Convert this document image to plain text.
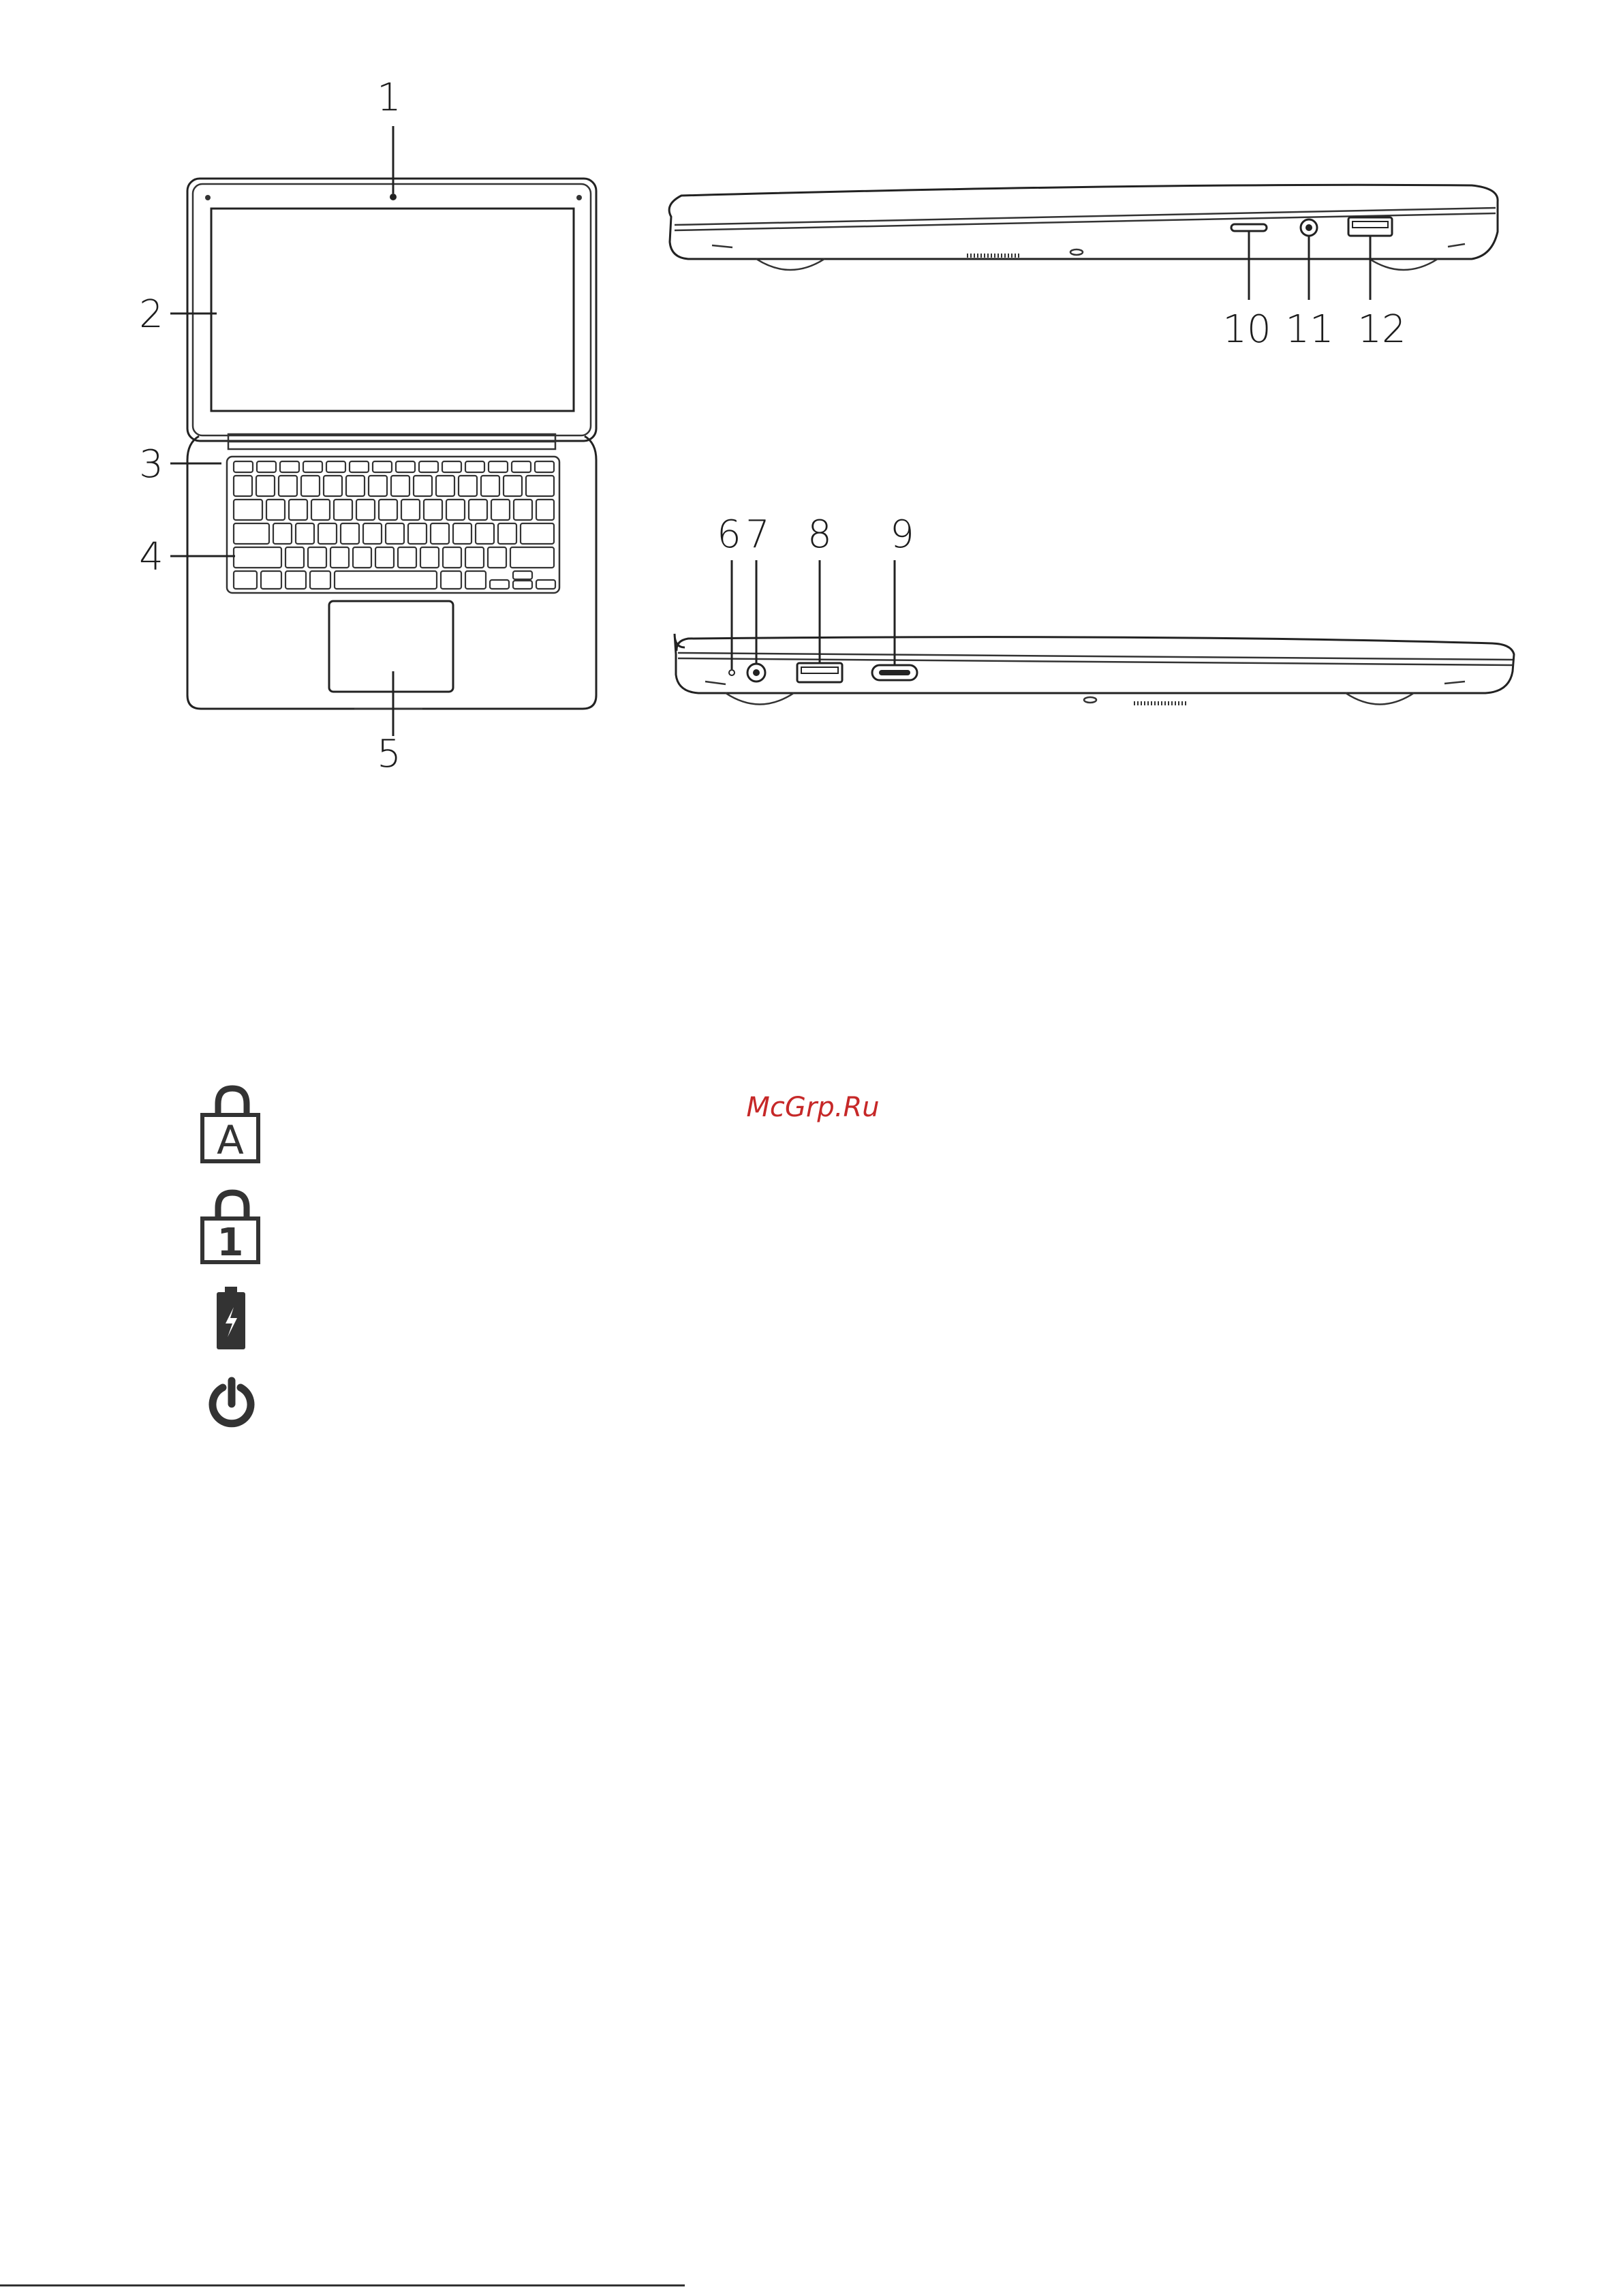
1
2
3
4
5
10 11 12
6 7 8 9
A
1
McGrp.Ru
